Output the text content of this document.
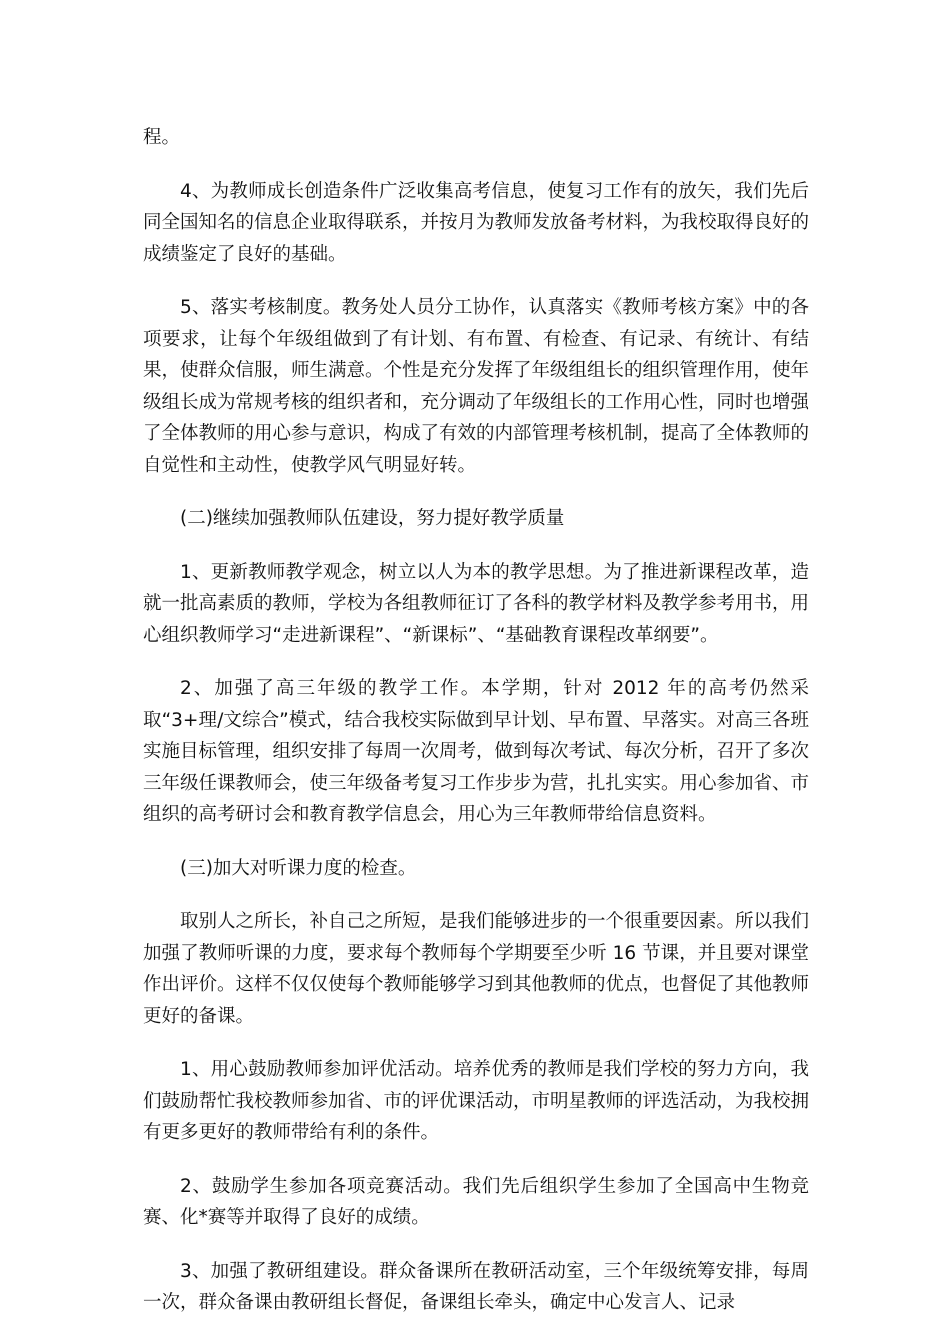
程。

4、为教师成长创造条件广泛收集高考信息，使复习工作有的放矢，我们先后同全国知名的信息企业取得联系，并按月为教师发放备考材料，为我校取得良好的成绩鉴定了良好的基础。

5、落实考核制度。教务处人员分工协作，认真落实《教师考核方案》中的各项要求，让每个年级组做到了有计划、有布置、有检查、有记录、有统计、有结果，使群众信服，师生满意。个性是充分发挥了年级组组长的组织管理作用，使年级组长成为常规考核的组织者和，充分调动了年级组长的工作用心性，同时也增强了全体教师的用心参与意识，构成了有效的内部管理考核机制，提高了全体教师的自觉性和主动性，使教学风气明显好转。

(二)继续加强教师队伍建设，努力提好教学质量

1、更新教师教学观念，树立以人为本的教学思想。为了推进新课程改革，造就一批高素质的教师，学校为各组教师征订了各科的教学材料及教学参考用书，用心组织教师学习“走进新课程”、“新课标”、“基础教育课程改革纲要”。

2、加强了高三年级的教学工作。本学期，针对 2012 年的高考仍然采取“3+理/文综合”模式，结合我校实际做到早计划、早布置、早落实。对高三各班实施目标管理，组织安排了每周一次周考，做到每次考试、每次分析，召开了多次三年级任课教师会，使三年级备考复习工作步步为营，扎扎实实。用心参加省、市组织的高考研讨会和教育教学信息会，用心为三年教师带给信息资料。

(三)加大对听课力度的检查。

取别人之所长，补自己之所短，是我们能够进步的一个很重要因素。所以我们加强了教师听课的力度，要求每个教师每个学期要至少听 16 节课，并且要对课堂作出评价。这样不仅仅使每个教师能够学习到其他教师的优点，也督促了其他教师更好的备课。

1、用心鼓励教师参加评优活动。培养优秀的教师是我们学校的努力方向，我们鼓励帮忙我校教师参加省、市的评优课活动，市明星教师的评选活动，为我校拥有更多更好的教师带给有利的条件。

2、鼓励学生参加各项竞赛活动。我们先后组织学生参加了全国高中生物竞赛、化*赛等并取得了良好的成绩。

3、加强了教研组建设。群众备课所在教研活动室，三个年级统筹安排，每周一次，群众备课由教研组长督促，备课组长牵头，确定中心发言人、记录
